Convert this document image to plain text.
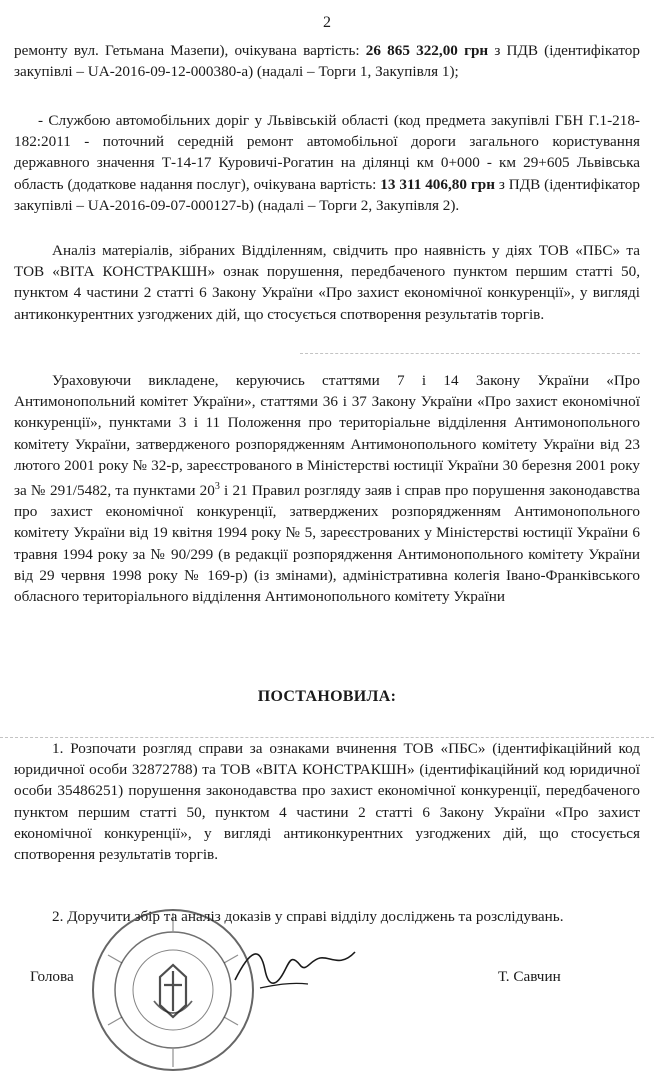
2

ремонту вул. Гетьмана Мазепи), очікувана вартість: 26 865 322,00 грн з ПДВ (ідентифікатор закупівлі – UA-2016-09-12-000380-a) (надалі – Торги 1, Закупівля 1);

- Службою автомобільних доріг у Львівській області (код предмета закупівлі ГБН Г.1-218-182:2011 - поточний середній ремонт автомобільної дороги загального користування державного значення Т-14-17 Куровичі-Рогатин на ділянці км 0+000 - км 29+605 Львівська область (додаткове надання послуг), очікувана вартість: 13 311 406,80 грн з ПДВ (ідентифікатор закупівлі – UA-2016-09-07-000127-b) (надалі – Торги 2, Закупівля 2).

Аналіз матеріалів, зібраних Відділенням, свідчить про наявність у діях ТОВ «ПБС» та ТОВ «ВІТА КОНСТРАКШН» ознак порушення, передбаченого пунктом першим статті 50, пунктом 4 частини 2 статті 6 Закону України «Про захист економічної конкуренції», у вигляді антиконкурентних узгоджених дій, що стосується спотворення результатів торгів.

Ураховуючи викладене, керуючись статтями 7 і 14 Закону України «Про Антимонопольний комітет України», статтями 36 і 37 Закону України «Про захист економічної конкуренції», пунктами 3 і 11 Положення про територіальне відділення Антимонопольного комітету України, затвердженого розпорядженням Антимонопольного комітету України від 23 лютого 2001 року № 32-р, зареєстрованого в Міністерстві юстиції України 30 березня 2001 року за № 291/5482, та пунктами $20^3$ і 21 Правил розгляду заяв і справ про порушення законодавства про захист економічної конкуренції, затверджених розпорядженням Антимонопольного комітету України від 19 квітня 1994 року № 5, зареєстрованих у Міністерстві юстиції України 6 травня 1994 року за № 90/299 (в редакції розпорядження Антимонопольного комітету України від 29 червня 1998 року № 169-р) (із змінами), адміністративна колегія Івано-Франківського обласного територіального відділення Антимонопольного комітету України

ПОСТАНОВИЛА:

1. Розпочати розгляд справи за ознаками вчинення ТОВ «ПБС» (ідентифікаційний код юридичної особи 32872788) та ТОВ «ВІТА КОНСТРАКШН» (ідентифікаційний код юридичної особи 35486251) порушення законодавства про захист економічної конкуренції, передбаченого пунктом першим статті 50, пунктом 4 частини 2 статті 6 Закону України «Про захист економічної конкуренції», у вигляді антиконкурентних узгоджених дій, що стосується спотворення результатів торгів.

2. Доручити збір та аналіз доказів у справі відділу досліджень та розслідувань.

Голова	Т. Савчин
